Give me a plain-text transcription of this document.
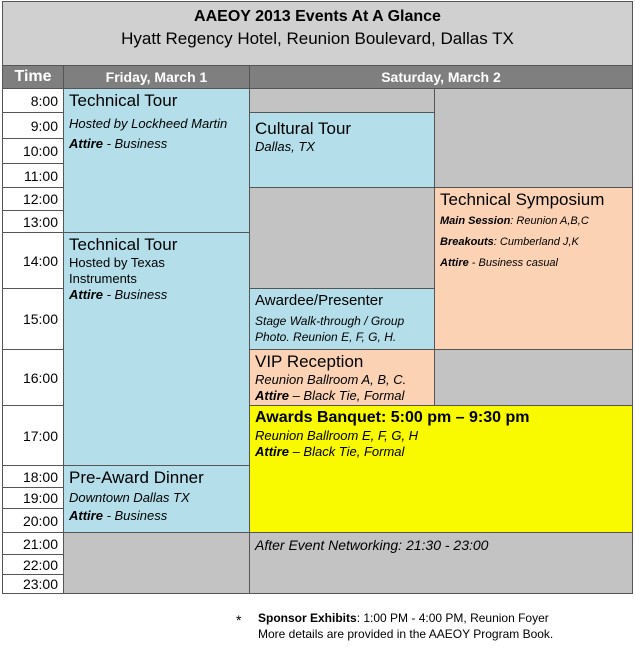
AAEOY 2013 Events At A Glance
Hyatt Regency Hotel, Reunion Boulevard, Dallas TX
Time	Friday, March 1	Saturday, March 2
8:00
9:00
10:00
11:00
12:00
13:00
14:00
15:00
16:00
17:00
18:00
19:00
20:00
21:00
22:00
23:00
Technical Tour
Hosted by Lockheed Martin
Attire - Business
Technical Tour
Hosted by Texas Instruments
Attire - Business
Pre-Award Dinner
Downtown Dallas TX
Attire - Business
Cultural Tour
Dallas, TX
Awardee/Presenter
Stage Walk-through / Group Photo. Reunion E, F, G, H.
VIP Reception
Reunion Ballroom A, B, C.
Attire – Black Tie, Formal
Technical Symposium
Main Session: Reunion A,B,C
Breakouts: Cumberland J,K
Attire - Business casual
Awards Banquet: 5:00 pm – 9:30 pm
Reunion Ballroom E, F, G, H
Attire – Black Tie, Formal
After Event Networking: 21:30 - 23:00
* Sponsor Exhibits: 1:00 PM - 4:00 PM, Reunion Foyer
More details are provided in the AAEOY Program Book.
